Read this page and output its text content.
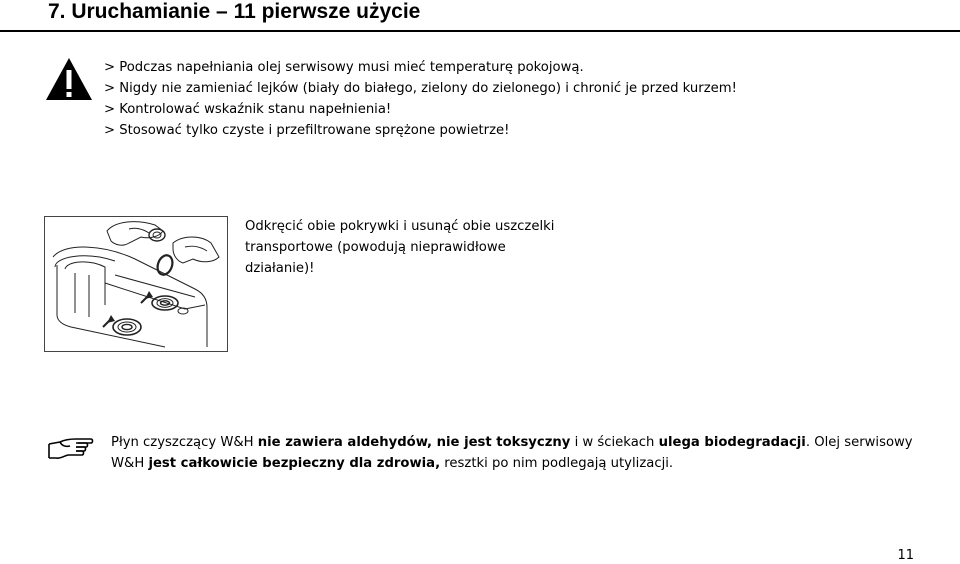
7. Uruchamianie – 11 pierwsze użycie
> Podczas napełniania olej serwisowy musi mieć temperaturę pokojową.
> Nigdy nie zamieniać lejków (biały do białego, zielony do zielonego) i chronić je przed kurzem!
> Kontrolować wskaźnik stanu napełnienia!
> Stosować tylko czyste i przefiltrowane sprężone powietrze!
Odkręcić obie pokrywki i usunąć obie uszczelki transportowe (powodują nieprawidłowe działanie)!
Płyn czyszczący W&H nie zawiera aldehydów, nie jest toksyczny i w ściekach ulega biodegradacji. Olej serwisowy W&H jest całkowicie bezpieczny dla zdrowia, resztki po nim podlegają utylizacji.
11
